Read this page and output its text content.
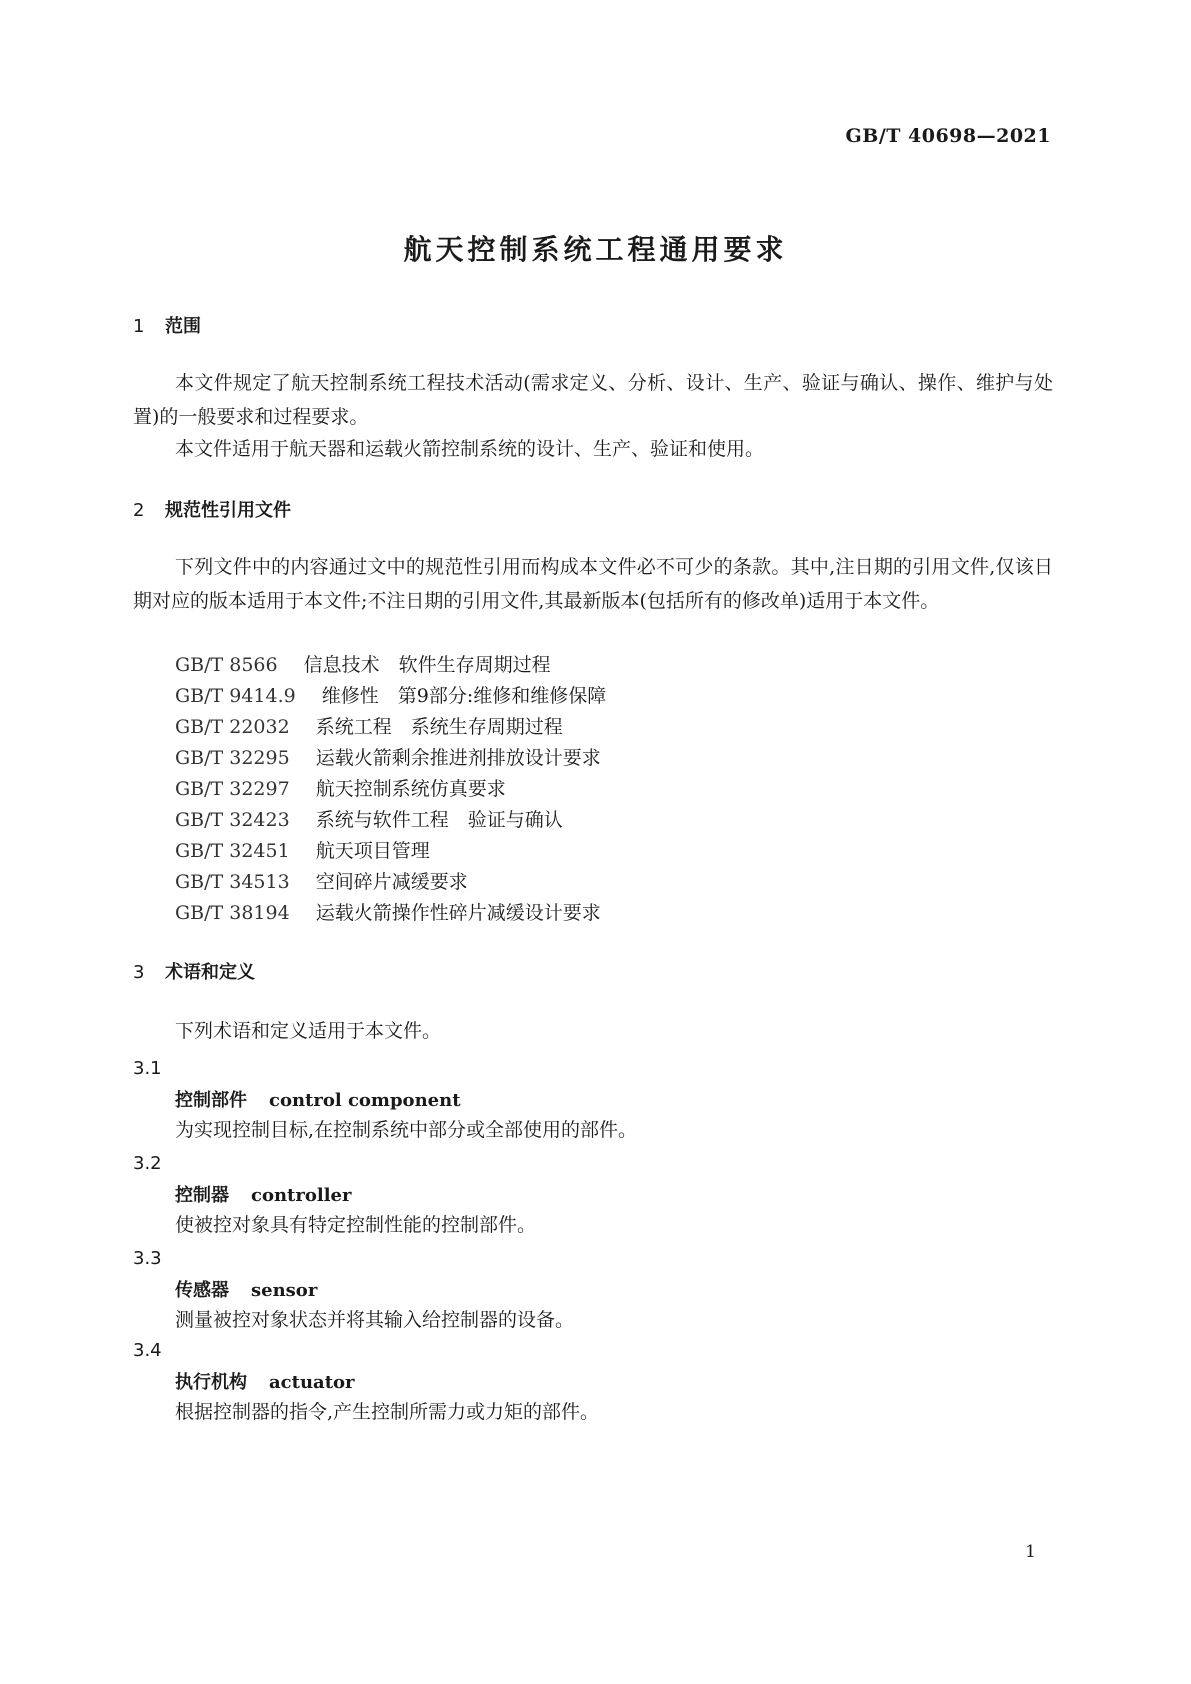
GB/T 40698—2021
航天控制系统工程通用要求
1 范围
本文件规定了航天控制系统工程技术活动(需求定义、分析、设计、生产、验证与确认、操作、维护与处置)的一般要求和过程要求。
本文件适用于航天器和运载火箭控制系统的设计、生产、验证和使用。
2 规范性引用文件
下列文件中的内容通过文中的规范性引用而构成本文件必不可少的条款。其中,注日期的引用文件,仅该日期对应的版本适用于本文件;不注日期的引用文件,其最新版本(包括所有的修改单)适用于本文件。
GB/T 8566 信息技术　软件生存周期过程
GB/T 9414.9 维修性　第9部分:维修和维修保障
GB/T 22032 系统工程　系统生存周期过程
GB/T 32295 运载火箭剩余推进剂排放设计要求
GB/T 32297 航天控制系统仿真要求
GB/T 32423 系统与软件工程　验证与确认
GB/T 32451 航天项目管理
GB/T 34513 空间碎片减缓要求
GB/T 38194 运载火箭操作性碎片减缓设计要求
3 术语和定义
下列术语和定义适用于本文件。
3.1
控制部件 control component
为实现控制目标,在控制系统中部分或全部使用的部件。
3.2
控制器 controller
使被控对象具有特定控制性能的控制部件。
3.3
传感器 sensor
测量被控对象状态并将其输入给控制器的设备。
3.4
执行机构 actuator
根据控制器的指令,产生控制所需力或力矩的部件。
1
